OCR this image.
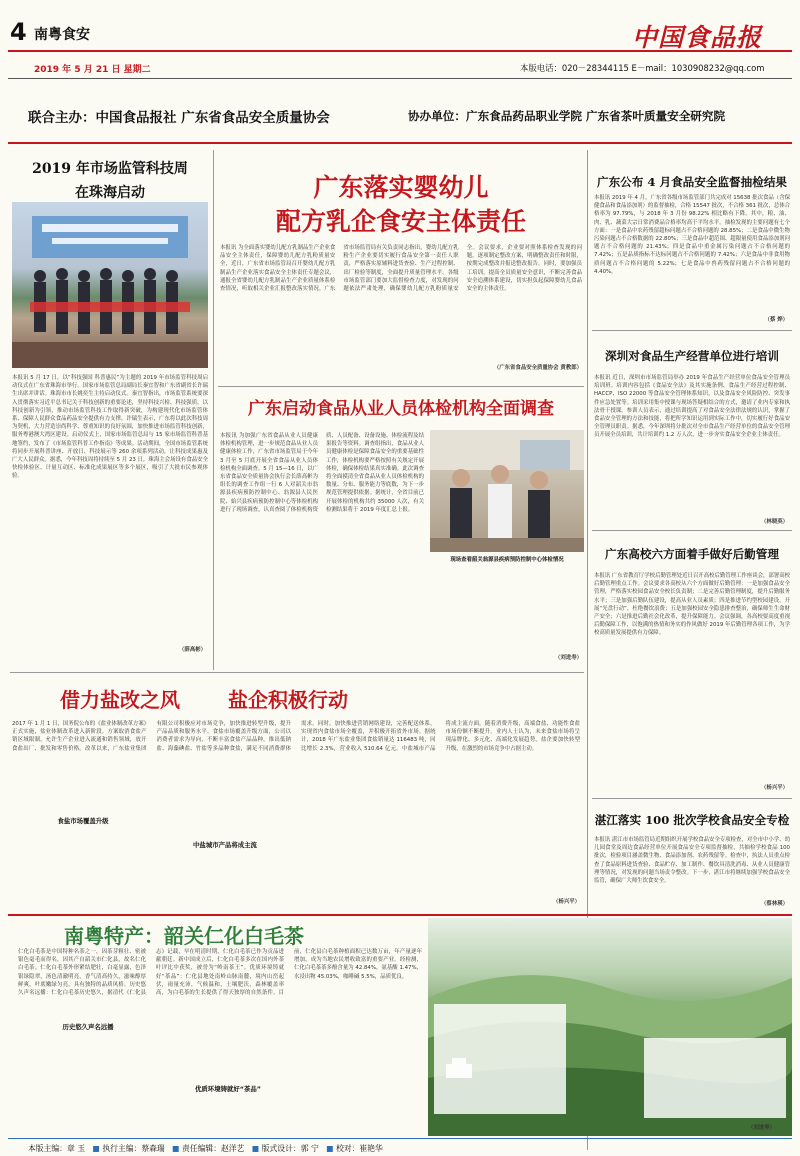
4 南粤食安
2019 年 5 月 21 日 星期二
中国食品报
本版电话：020－28344115 E－mail：1030908232@qq.com
联合主办：中国食品报社 广东省食品安全质量协会	协办单位：广东食品药品职业学院 广东省茶叶质量安全研究院
2019 年市场监管科技周
在珠海启动
本报讯 5 月 17 日，以“科技强国 科普惠民”为主题的 2019 年市场监管科技周启动仪式在广东省珠海市举行。国家市场监管总局副局长秦宜智和广东省副省长许瑞生出席并讲话。珠海市市长姚奕生主持启动仪式。秦宜智指出，市场监管系统要深入贯彻落实习近平总书记关于科技创新的重要论述，坚持科技兴检、科技强质，以科技创新为引领，推动市场监管科技工作取得新突破，为构建现代化市场监管体系、保障人民群众食品药品安全提供有力支撑。许瑞生表示，广东将以此次科技周为契机，大力营造崇尚科学、尊重知识的良好氛围，加快推进市场监管科技创新，服务粤港澳大湾区建设。启动仪式上，国家市场监管总局与 15 家市场监管科普基地签约，发布了《市场监管科普工作指南》等成果。活动期间，全国市场监管系统将同步开展科普讲座、开放日、科技展示等 260 余项系列活动，让科技成果惠及广大人民群众。据悉，今年科技周将持续至 5 月 23 日，珠海主会场设有食品安全快检体验区、计量互动区、标准化成果展区等多个展区，吸引了大批市民参观体验。
（薛高彬）
广东落实婴幼儿
配方乳企食安主体责任
本报讯 为全面落实婴幼儿配方乳制品生产企业食品安全主体责任，保障婴幼儿配方乳粉质量安全，近日，广东省市场监管局召开婴幼儿配方乳制品生产企业落实食品安全主体责任专题会议，通报全省婴幼儿配方乳制品生产企业质量体系检查情况，听取相关企业汇报整改落实情况。广东省市场监管局有关负责同志指出，婴幼儿配方乳粉生产企业要切实履行食品安全第一责任人职责，严格落实原辅料进货查验、生产过程控制、出厂检验等制度，全面提升质量管理水平。各级市场监管部门要加大监督检查力度，对发现的问题依法严肃处理，确保婴幼儿配方乳粉质量安全。会议要求，企业要对照体系检查发现的问题，逐项制定整改方案，明确整改责任和时限，按期完成整改并报送整改报告。同时，要加强员工培训，提高全员质量安全意识，不断完善食品安全追溯体系建设，切实担负起保障婴幼儿食品安全的主体责任。
（广东省食品安全质量协会 黄教郎）
广东公布 4 月食品安全监督抽检结果
本报讯 2019 年 4 月，广东省各级市场监管部门共完成对 15638 批次食品（含保健食品和食品添加剂）的监督抽检，合格 15547 批次，不合格 361 批次，总体合格率为 97.79%，与 2018 年 3 月份 98.22% 相比略有下降。其中，粮、油、肉、乳、蔬菜大宗日常消费品合格率均高于平均水平。抽检发现的主要问题有七个方面：一是食品中农药残留超标问题占不合格问题的 28.85%；二是食品中微生物污染问题占不合格数据的 22.80%；三是食品中超范围、超限量使用食品添加剂问题占不合格问题的 21.43%；四是食品中重金属污染问题占不合格问题的 7.42%；五是品质指标不达标问题占不合格问题的 7.42%；六是食品中非食用物质问题占不合格问题的 5.22%；七是食品中兽药残留问题占不合格问题的 4.40%。
（蔡 烨）
深圳对食品生产经营单位进行培训
本报讯 近日，深圳市市场监管局举办 2019 年食品生产经营单位食品安全管理员培训班。培训内容包括《食品安全法》及其实施条例、食品生产经营过程控制、HACCP、ISO 22000 等食品安全管理体系知识，以及食品安全风险防控、突发事件应急处置等。培训采用集中授课与现场答疑相结合的方式，邀请了业内专家和执法骨干授课。参训人员表示，通过培训提高了对食品安全法律法规的认识，掌握了食品安全管理的方法和技能，将把所学知识运用到实际工作中，切实履行好食品安全管理员职责。据悉，今年深圳将分批次对全市食品生产经营单位的食品安全管理员开展全员培训，共计培训约 1.2 万人次，进一步夯实食品安全企业主体责任。
（林晓英）
广东高校六方面着手做好后勤管理
本报讯 广东省教育厅学校后勤管理处近日召开高校后勤管理工作座谈会，部署高校后勤管理重点工作。会议要求各高校从六个方面做好后勤管理：一是加强食品安全管理，严格落实校园食品安全校长负责制；二是完善后勤管理制度，提升后勤服务水平；三是加强后勤队伍建设，提高从业人员素质；四是推进节约型校园建设，开展“光盘行动”，杜绝餐饮浪费；五是加强校园安全隐患排查整治，确保师生生命财产安全；六是推进后勤社会化改革，提升保障能力。会议强调，各高校要高度重视后勤保障工作，以饱满的热情和务实的作风做好 2019 年后勤管理各项工作，为学校高质量发展提供有力保障。
（杨兴平）
湛江落实 100 批次学校食品安全专检
本报讯 湛江市市场监管局近期组织开展学校食品安全专项检查，对全市中小学、幼儿园食堂及周边食品经营单位开展食品安全专项监督抽检，共抽检学校食品 100 批次，检验项目涵盖微生物、食品添加剂、农药残留等。检查中，执法人员重点检查了食品原料进货查验、食品贮存、加工制作、餐饮具清洗消毒、从业人员健康管理等情况，对发现的问题当场责令整改。下一步，湛江市将继续加强学校食品安全监管，确保广大师生饮食安全。
（蔡林瑛）
广东启动食品从业人员体检机构全面调查
本报讯 为加强广东省食品从业人员健康体检机构管理，进一步规范食品从业人员健康体检工作，广东省市场监管局于今年 3 月至 5 月底开展全省食品从业人员体检机构全面调查。5 月 15—16 日，以广东省食品安全质量协会执行会长薛高彬为组长的调查工作组一行 6 人对韶关市翁源县疾病预防控制中心、翁源县人民医院、始兴县疾病预防控制中心等体检机构进行了现场调查，认真查阅了体检机构资质、人员配备、设备设施、体检流程及结果报告等资料。调查组指出，食品从业人员健康体检是保障食品安全的重要基础性工作，体检机构要严格按照有关规定开展体检，确保体检结果真实准确。此次调查将全面摸清全省食品从业人员体检机构的数量、分布、服务能力等底数，为下一步规范管理提供依据。据统计，全省目前已开展体检的机构共约 35000 人次，有关检测结果将于 2019 年度汇总上报。
现场查看韶关翁源县疾病预防控制中心体检情况

（刘进寿）
借力盐改之风 盐企积极行动
2017 年 1 月 1 日，国务院公布的《盐业体制改革方案》正式实施，盐业体制改革进入新阶段。方案取消食盐产销区域限制，允许生产企业进入流通和销售领域，放开食盐出厂、批发和零售价格。改革以来，广东盐业集团有限公司积极应对市场竞争，加快推进转型升级，提升产品品质和服务水平。食盐市场覆盖升级方面，公司以消费者需求为导向，不断丰富食盐产品品种，推出低钠盐、海藻碘盐、竹盐等多品种食盐，满足不同消费群体需求。同时，加快推进营销网络建设，完善配送体系，实现省内食盐市场全覆盖，并积极开拓省外市场。据统计，2018 年广东盐业集团食盐销量达 116483 吨，同比增长 2.3%，营业收入 510.64 亿元。中盐城市产品将成主流方面，随着消费升级，高端食盐、功能性食盐市场份额不断提升。业内人士认为，未来食盐市场将呈现品牌化、多元化、高端化发展趋势，盐企要加快转型升级，在激烈的市场竞争中占据主动。
食盐市场覆盖升级
中盐城市产品将成主流
（杨兴平）

南粤特产：韶关仁化白毛茶
仁化白毛茶是中国特种名茶之一，因茶芽粗壮、密被银色毫毛而得名，因其产自韶关市仁化县，故名仁化白毛茶。仁化白毛茶外形紧结肥壮，白毫显露，色泽银绿隐翠，汤色清澈明亮，香气清高持久，滋味醇厚鲜爽，叶底嫩绿匀亮，具有独特的品质风格。历史悠久声名远播：仁化白毛茶历史悠久，据清代《仁化县志》记载，早在明清时期，仁化白毛茶已作为贡品进献朝廷。新中国成立后，仁化白毛茶多次在国内外茶叶评比中获奖，被誉为“岭南茶王”。优质环境铸就好“茶品”：仁化县地处南岭山脉南麓，境内山峦起伏，雨量充沛，气候温和，土壤肥沃，森林覆盖率高，为白毛茶的生长提供了得天独厚的自然条件。目前，仁化县白毛茶种植面积已达数万亩，年产量逐年增加，成为当地农民增收致富的重要产业。经检测，仁化白毛茶茶多酚含量为 42.84%，氨基酸 1.47%，水浸出物 45.03%，咖啡碱 5.5%，品质优良。
历史悠久声名远播
优质环境铸就好“茶品”
（刘进寿）
本版主编：章 玉 ■ 执行主编：蔡森瑞 ■ 责任编辑：赵洋艺 ■ 版式设计：郭 宁 ■ 校对：崔艳华
